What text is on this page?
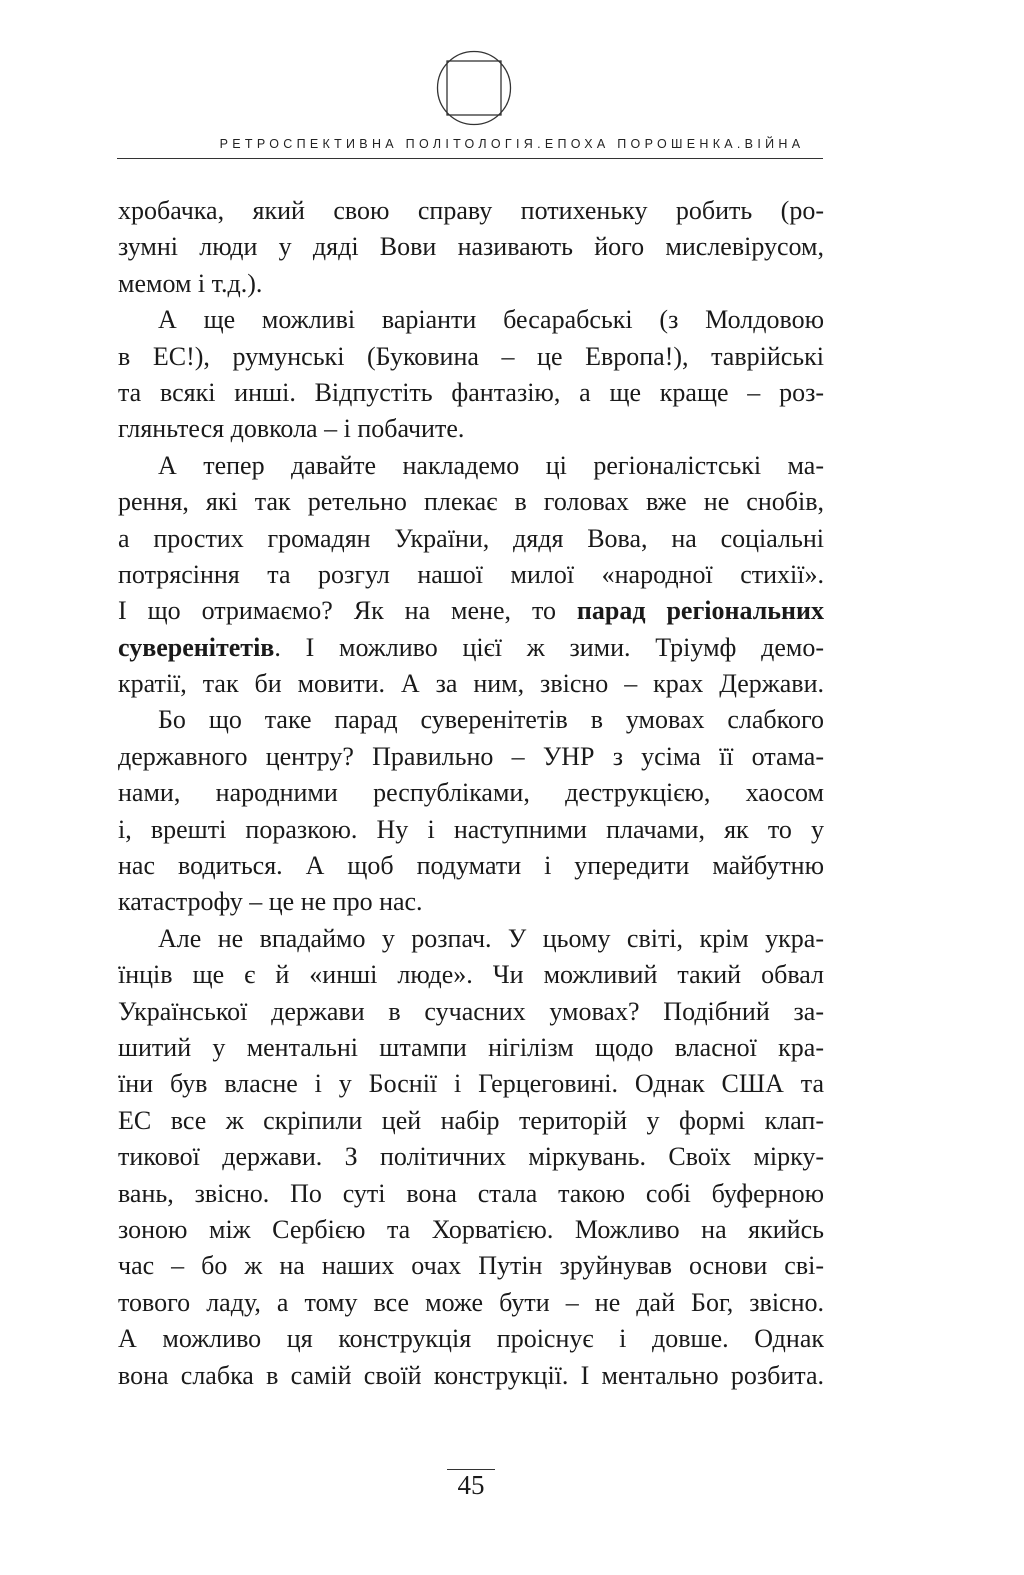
РЕТРОСПЕКТИВНА ПОЛІТОЛОГІЯ.ЕПОХА ПОРОШЕНКА.ВІЙНА
хробачка, який свою справу потихеньку робить (ро-
зумні люди у дяді Вови називають його мислевірусом,
мемом і т.д.).
А ще можливі варіанти бесарабські (з Молдовою
в ЕС!), румунські (Буковина – це Европа!), таврійські
та всякі инші. Відпустіть фантазію, а ще краще – роз-
гляньтеся довкола – і побачите.
А тепер давайте накладемо ці регіоналістські ма-
рення, які так ретельно плекає в головах вже не снобів,
а простих громадян України, дядя Вова, на соціальні
потрясіння та розгул нашої милої «народної стихії».
І що отримаємо? Як на мене, то парад регіональних
суверенітетів. І можливо цієї ж зими. Тріумф демо-
кратії, так би мовити. А за ним, звісно – крах Держави.
Бо що таке парад суверенітетів в умовах слабкого
державного центру? Правильно – УНР з усіма її отама-
нами, народними республіками, деструкцією, хаосом
і, врешті поразкою. Ну і наступними плачами, як то у
нас водиться. А щоб подумати і упередити майбутню
катастрофу – це не про нас.
Але не впадаймо у розпач. У цьому світі, крім укра-
їнців ще є й «инші люде». Чи можливий такий обвал
Української держави в сучасних умовах? Подібний за-
шитий у ментальні штампи нігілізм щодо власної кра-
їни був власне і у Боснії і Герцеговині. Однак США та
ЕС все ж скріпили цей набір територій у формі клап-
тикової держави. З політичних міркувань. Своїх мірку-
вань, звісно. По суті вона стала такою собі буферною
зоною між Сербією та Хорватією. Можливо на якийсь
час – бо ж на наших очах Путін зруйнував основи сві-
тового ладу, а тому все може бути – не дай Бог, звісно.
А можливо ця конструкція проіснує і довше. Однак
вона слабка в самій своїй конструкції. І ментально розбита.
45
